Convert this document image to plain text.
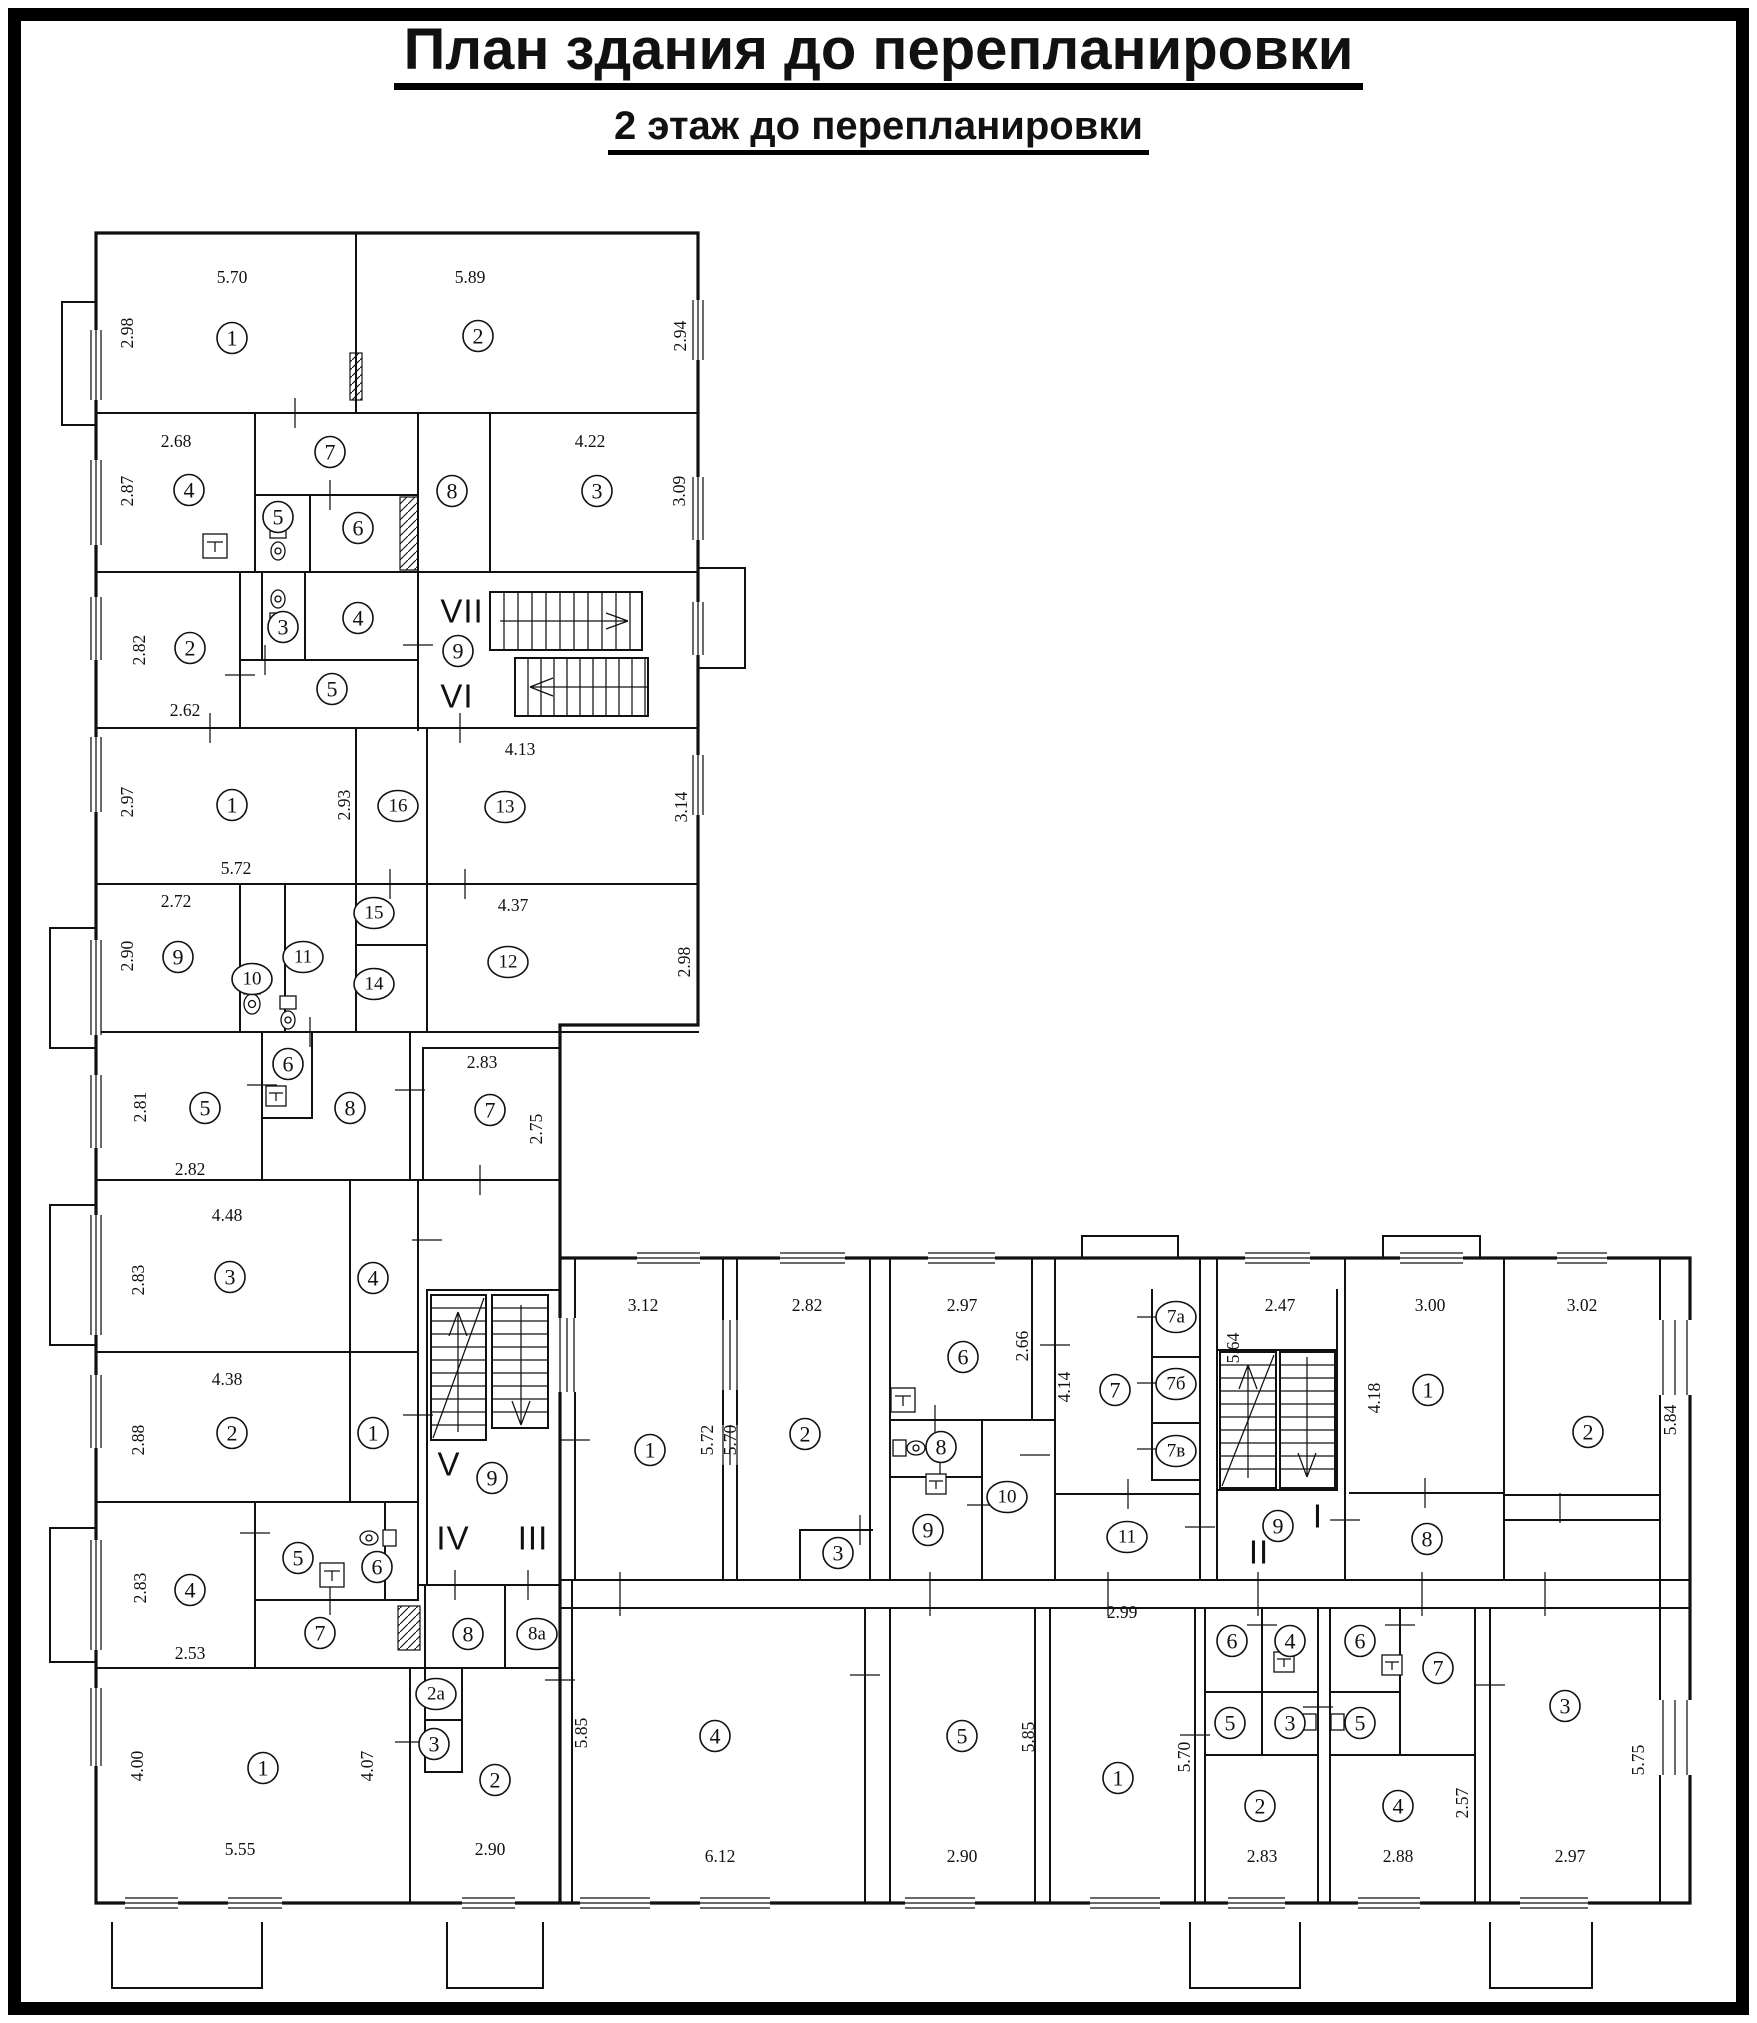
План здания до перепланировки
2 этаж до перепланировки
1	2
4
7
5	6
8	3
2
3	4
5
9
1	16	13
9
10
11
15
14
12
5
6
8	7
3	4
2	1
9
4
5	6
7	8	8а
2а
3
2
1
1
2
3
6
8
9
10
7
7а
7б
7в
11	9
1
8
2
4	5
1
6 4
5 3
2
6
7
5
4
3
5.70
2.98
5.89
2.94
2.68
2.87
4.22
3.09
2.82
2.62
2.97
5.72
2.93
4.13
3.14
2.72
2.90
4.37
2.98
2.81
2.82
2.83
2.75
4.48
2.83
4.38
2.88
2.83
2.53
4.00	4.07
5.55	2.90
3.12
5.72 5.70
2.82	2.97
2.66
4.14
2.47
5.64
3.00
4.18
3.02
5.84
2.99
5.85
6.12	2.90
5.85
5.70
2.83	2.88
2.57
2.97
5.75
VII
VI
V
IV III
I
II
